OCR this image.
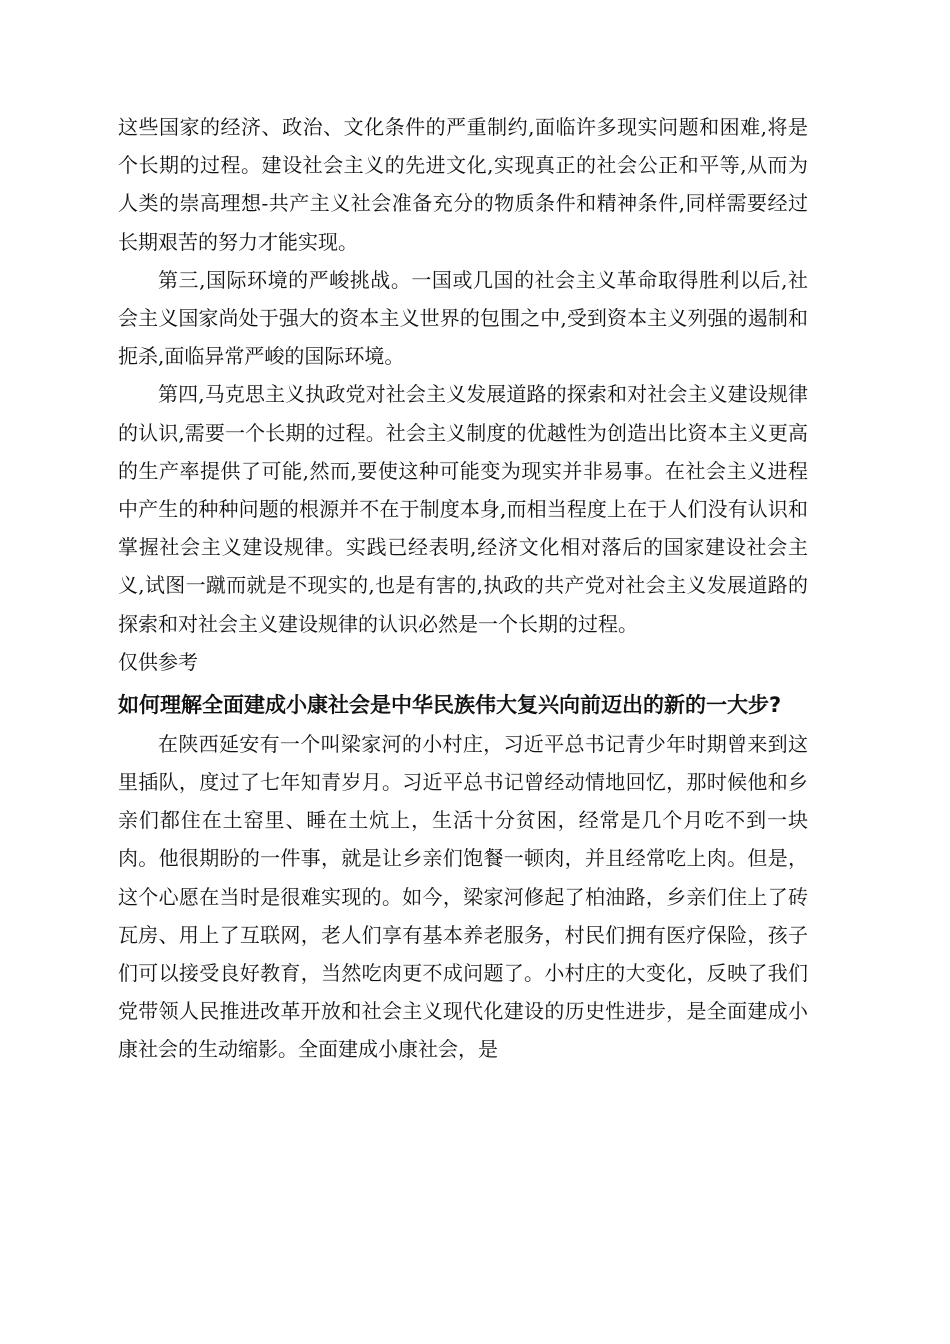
这些国家的经济、政治、文化条件的严重制约,面临许多现实问题和困难,将是个长期的过程。建设社会主义的先进文化,实现真正的社会公正和平等,从而为人类的崇高理想-共产主义社会准备充分的物质条件和精神条件,同样需要经过长期艰苦的努力才能实现。

第三,国际环境的严峻挑战。一国或几国的社会主义革命取得胜利以后,社会主义国家尚处于强大的资本主义世界的包围之中,受到资本主义列强的遏制和扼杀,面临异常严峻的国际环境。

第四,马克思主义执政党对社会主义发展道路的探索和对社会主义建设规律的认识,需要一个长期的过程。社会主义制度的优越性为创造出比资本主义更高的生产率提供了可能,然而,要使这种可能变为现实并非易事。在社会主义进程中产生的种种问题的根源并不在于制度本身,而相当程度上在于人们没有认识和掌握社会主义建设规律。实践已经表明,经济文化相对落后的国家建设社会主义,试图一蹴而就是不现实的,也是有害的,执政的共产党对社会主义发展道路的探索和对社会主义建设规律的认识必然是一个长期的过程。

仅供参考

如何理解全面建成小康社会是中华民族伟大复兴向前迈出的新的一大步?

在陕西延安有一个叫梁家河的小村庄，习近平总书记青少年时期曾来到这里插队，度过了七年知青岁月。习近平总书记曾经动情地回忆，那时候他和乡亲们都住在土窑里、睡在土炕上，生活十分贫困，经常是几个月吃不到一块肉。他很期盼的一件事，就是让乡亲们饱餐一顿肉，并且经常吃上肉。但是，这个心愿在当时是很难实现的。如今，梁家河修起了柏油路，乡亲们住上了砖瓦房、用上了互联网，老人们享有基本养老服务，村民们拥有医疗保险，孩子们可以接受良好教育，当然吃肉更不成问题了。小村庄的大变化，反映了我们党带领人民推进改革开放和社会主义现代化建设的历史性进步，是全面建成小康社会的生动缩影。全面建成小康社会，是
